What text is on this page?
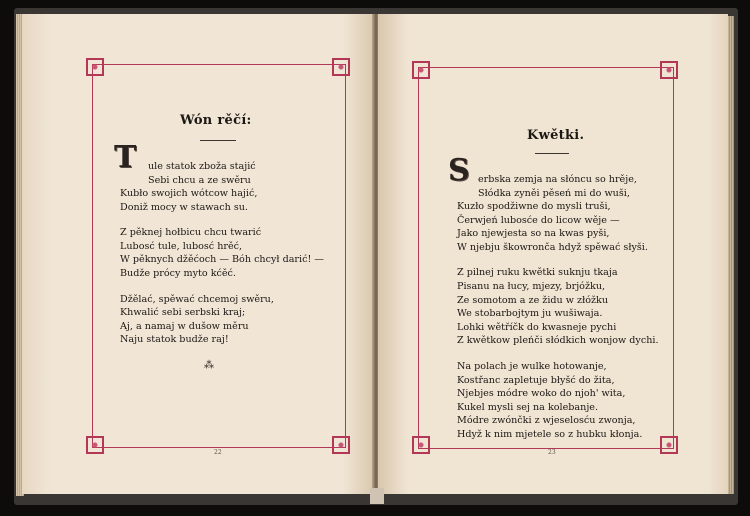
Wón rěčí:
T ule statok zboža stajić
Sebi chcu a ze swěru
Kubło swojich wótcow hajić,
Doniž mocy w stawach su.
Z pěknej hołbicu chcu twarić
Lubosć tule, lubosć hrěć,
W pěknych džěćoch — Bóh chcył darić! —
Budže prócy myto kćěć.
Džělać, spěwać chcemoj swěru,
Khwalić sebi serbski kraj;
Aj, a namaj w dušow měru
Naju statok budže raj!
⁂
22
Kwětki.
S erbska zemja na słóncu so hrěje,
Słódka zyněi pěseń mi do wuši,
Kuzło spodžiwne do mysli truši,
Čerwjeń lubosće do licow wěje —
Jako njewjesta so na kwas pyši,
W njebju škowronča hdyž spěwać słyši.
Z pilnej ruku kwětki suknju tkaja
Pisanu na łucy, mjezy, brjóžku,
Ze somotom a ze židu w złóžku
We stobarbojtym ju wušiwaja.
Lohki wětříčk do kwasneje pychi
Z kwětkow pleńči słódkich wonjow dychi.
Na polach je wulke hotowanje,
Kostřanc zapletuje błyšć do žita,
Njebjes módre woko do njoh' wita,
Kukel mysli sej na kolebanje.
Módre zwónčki z wjeselosću zwonja,
Hdyž k nim mjetele so z hubku kłonja.
23
